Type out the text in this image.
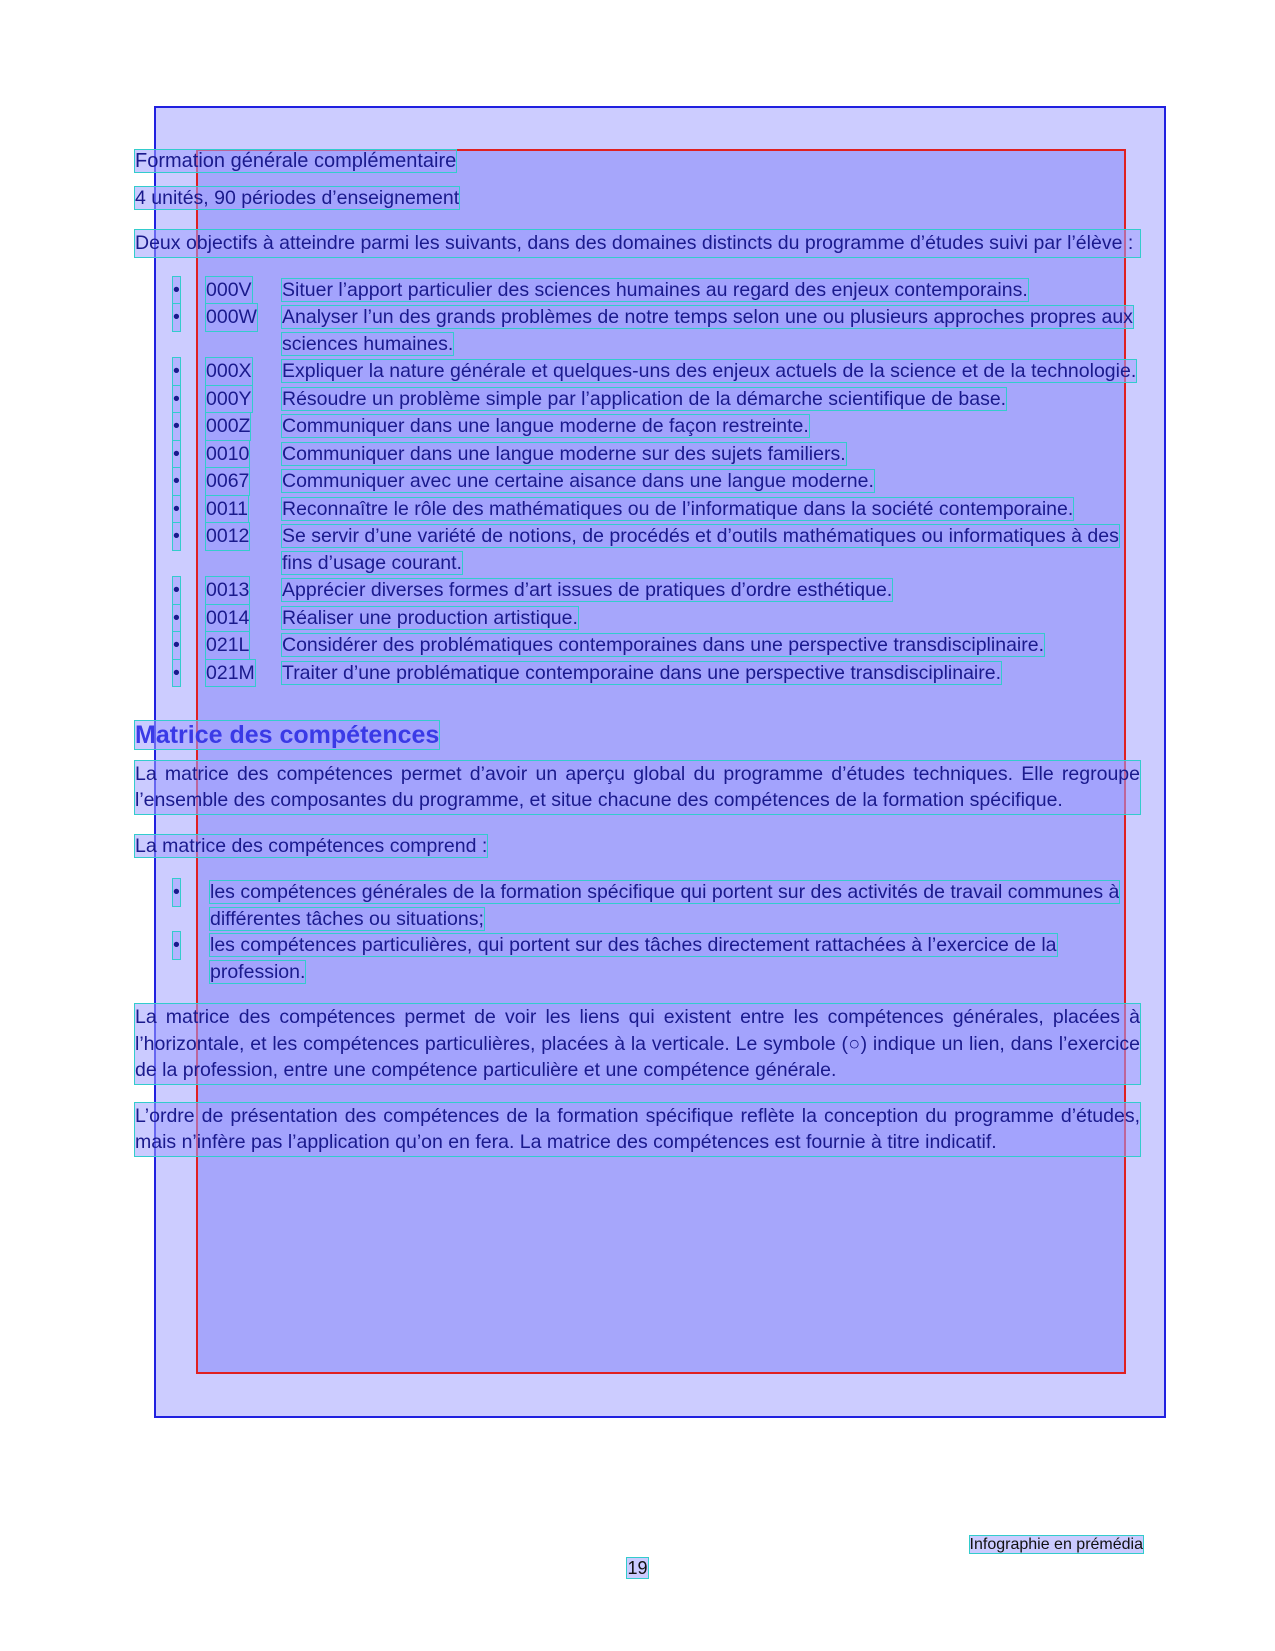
Formation générale complémentaire

4 unités, 90 périodes d’enseignement

Deux objectifs à atteindre parmi les suivants, dans des domaines distincts du programme d’études suivi par l’élève :

• 000V Situer l’apport particulier des sciences humaines au regard des enjeux contemporains.
• 000W Analyser l’un des grands problèmes de notre temps selon une ou plusieurs approches propres aux sciences humaines.
• 000X Expliquer la nature générale et quelques-uns des enjeux actuels de la science et de la technologie.
• 000Y Résoudre un problème simple par l’application de la démarche scientifique de base.
• 000Z Communiquer dans une langue moderne de façon restreinte.
• 0010 Communiquer dans une langue moderne sur des sujets familiers.
• 0067 Communiquer avec une certaine aisance dans une langue moderne.
• 0011 Reconnaître le rôle des mathématiques ou de l’informatique dans la société contemporaine.
• 0012 Se servir d’une variété de notions, de procédés et d’outils mathématiques ou informatiques à des fins d’usage courant.
• 0013 Apprécier diverses formes d’art issues de pratiques d’ordre esthétique.
• 0014 Réaliser une production artistique.
• 021L Considérer des problématiques contemporaines dans une perspective transdisciplinaire.
• 021M Traiter d’une problématique contemporaine dans une perspective transdisciplinaire.

Matrice des compétences

La matrice des compétences permet d’avoir un aperçu global du programme d’études techniques. Elle regroupe l’ensemble des composantes du programme, et situe chacune des compétences de la formation spécifique.

La matrice des compétences comprend :

• les compétences générales de la formation spécifique qui portent sur des activités de travail communes à différentes tâches ou situations;
• les compétences particulières, qui portent sur des tâches directement rattachées à l’exercice de la profession.

La matrice des compétences permet de voir les liens qui existent entre les compétences générales, placées à l’horizontale, et les compétences particulières, placées à la verticale. Le symbole (○) indique un lien, dans l’exercice de la profession, entre une compétence particulière et une compétence générale.

L’ordre de présentation des compétences de la formation spécifique reflète la conception du programme d’études, mais n’infère pas l’application qu’on en fera. La matrice des compétences est fournie à titre indicatif.

Infographie en prémédia
19
